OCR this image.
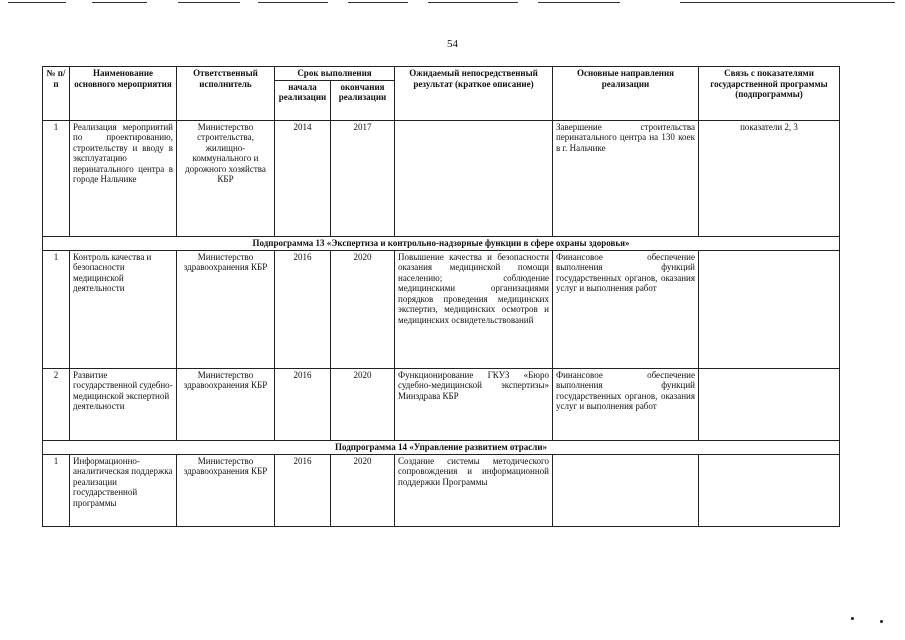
54
№ п/п	Наименование основного мероприятия	Ответственный исполнитель	Срок выполнения		Ожидаемый непосредственный результат (краткое описание)	Основные направления реализации	Связь с показателями государственной программы (подпрограммы)
			начала реализации	окончания реализации			
1	Реализация мероприятий по проектированию, строительству и вводу в эксплуатацию перинатального центра в городе Нальчике	Министерство строительства, жилищно-коммунального и дорожного хозяйства КБР	2014	2017		Завершение строительства перинатального центра на 130 коек в г. Нальчике	показатели 2, 3
Подпрограмма 13 «Экспертиза и контрольно-надзорные функции в сфере охраны здоровья»							
1	Контроль качества и безопасности медицинской деятельности	Министерство здравоохранения КБР	2016	2020	Повышение качества и безопасности оказания медицинской помощи населению; соблюдение медицинскими организациями порядков проведения медицинских экспертиз, медицинских осмотров и медицинских освидетельствований	Финансовое обеспечение выполнения функций государственных органов, оказания услуг и выполнения работ	
2	Развитие государственной судебно-медицинской экспертной деятельности	Министерство здравоохранения КБР	2016	2020	Функционирование ГКУЗ «Бюро судебно-медицинской экспертизы» Минздрава КБР	Финансовое обеспечение выполнения функций государственных органов, оказания услуг и выполнения работ	
Подпрограмма 14 «Управление развитием отрасли»							
1	Информационно-аналитическая поддержка реализации государственной программы	Министерство здравоохранения КБР	2016	2020	Создание системы методического сопровождения и информационной поддержки Программы		
